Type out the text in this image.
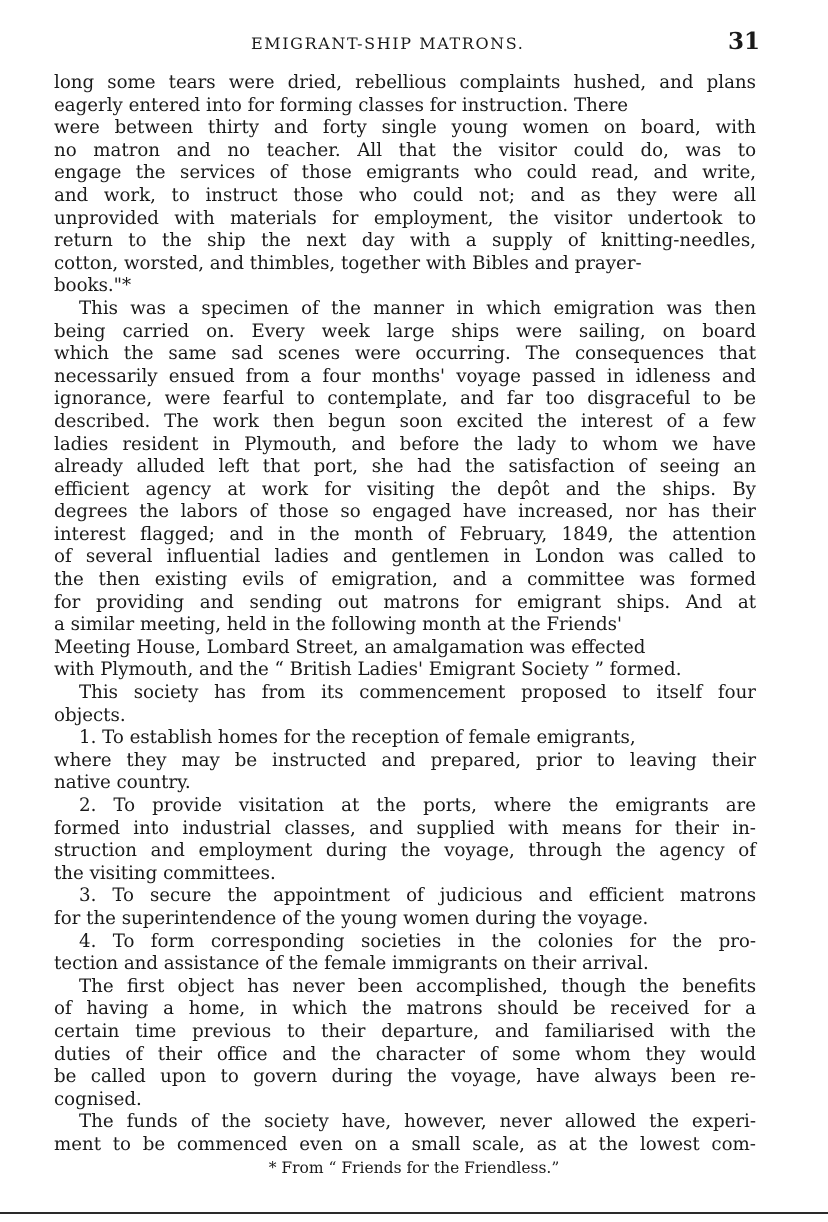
EMIGRANT-SHIP MATRONS.	31
long some tears were dried, rebellious complaints hushed, and plans
eagerly entered into for forming classes for instruction. There
were between thirty and forty single young women on board, with
no matron and no teacher. All that the visitor could do, was to
engage the services of those emigrants who could read, and write,
and work, to instruct those who could not; and as they were all
unprovided with materials for employment, the visitor undertook to
return to the ship the next day with a supply of knitting-needles,
cotton, worsted, and thimbles, together with Bibles and prayer-
books."*
This was a specimen of the manner in which emigration was then
being carried on. Every week large ships were sailing, on board
which the same sad scenes were occurring. The consequences that
necessarily ensued from a four months' voyage passed in idleness and
ignorance, were fearful to contemplate, and far too disgraceful to be
described. The work then begun soon excited the interest of a few
ladies resident in Plymouth, and before the lady to whom we have
already alluded left that port, she had the satisfaction of seeing an
efficient agency at work for visiting the depôt and the ships. By
degrees the labors of those so engaged have increased, nor has their
interest flagged; and in the month of February, 1849, the attention
of several influential ladies and gentlemen in London was called to
the then existing evils of emigration, and a committee was formed
for providing and sending out matrons for emigrant ships. And at
a similar meeting, held in the following month at the Friends'
Meeting House, Lombard Street, an amalgamation was effected
with Plymouth, and the “ British Ladies' Emigrant Society ” formed.
This society has from its commencement proposed to itself four
objects.
1. To establish homes for the reception of female emigrants,
where they may be instructed and prepared, prior to leaving their
native country.
2. To provide visitation at the ports, where the emigrants are
formed into industrial classes, and supplied with means for their in-
struction and employment during the voyage, through the agency of
the visiting committees.
3. To secure the appointment of judicious and efficient matrons
for the superintendence of the young women during the voyage.
4. To form corresponding societies in the colonies for the pro-
tection and assistance of the female immigrants on their arrival.
The first object has never been accomplished, though the benefits
of having a home, in which the matrons should be received for a
certain time previous to their departure, and familiarised with the
duties of their office and the character of some whom they would
be called upon to govern during the voyage, have always been re-
cognised.
The funds of the society have, however, never allowed the experi-
ment to be commenced even on a small scale, as at the lowest com-
* From “ Friends for the Friendless.”
